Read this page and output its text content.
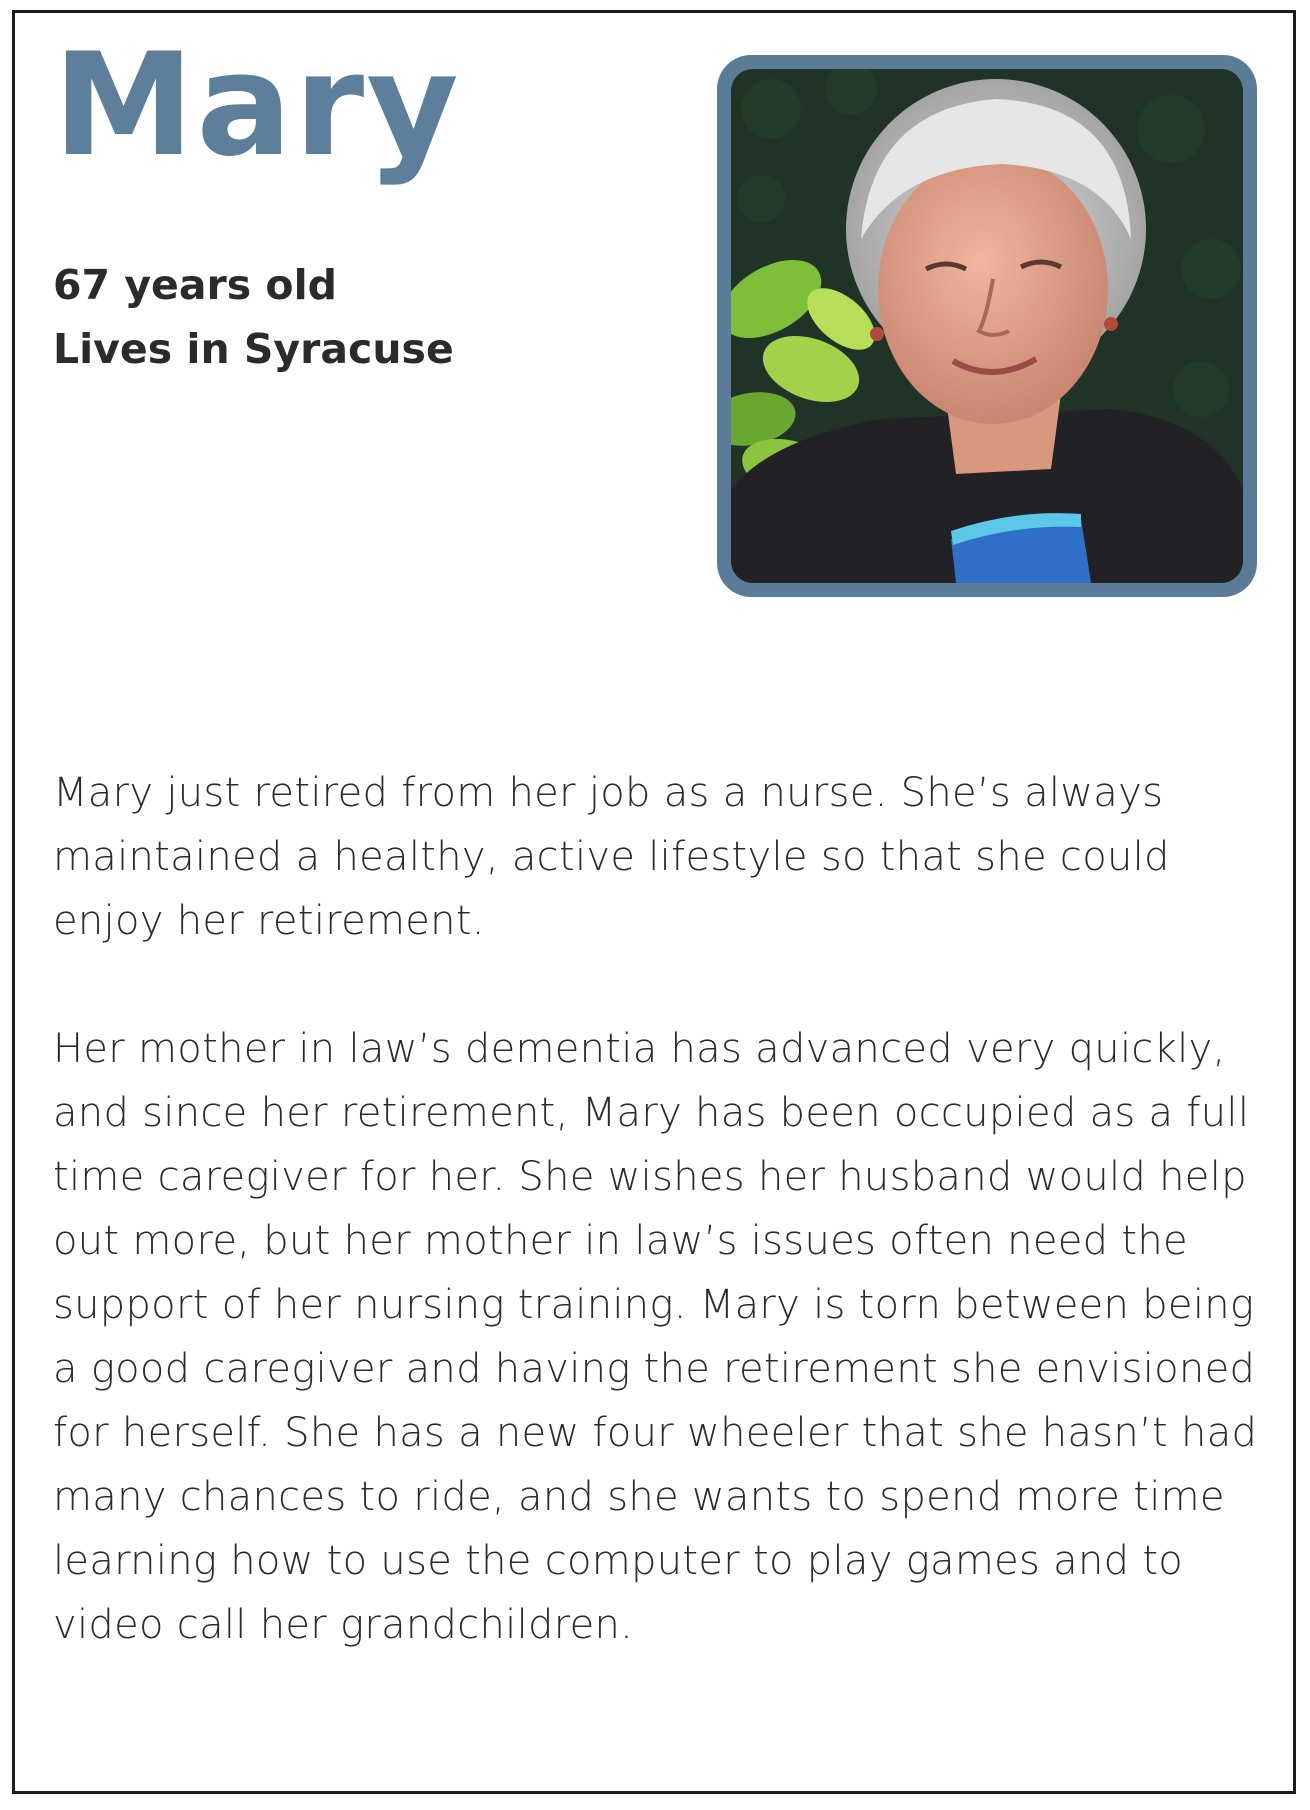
Mary
67 years old
Lives in Syracuse

Mary just retired from her job as a nurse. She’s always maintained a healthy, active lifestyle so that she could enjoy her retirement.

Her mother in law’s dementia has advanced very quickly, and since her retirement, Mary has been occupied as a full time caregiver for her. She wishes her husband would help out more, but her mother in law’s issues often need the support of her nursing training. Mary is torn between being a good caregiver and having the retirement she envisioned for herself. She has a new four wheeler that she hasn’t had many chances to ride, and she wants to spend more time learning how to use the computer to play games and to video call her grandchildren.
